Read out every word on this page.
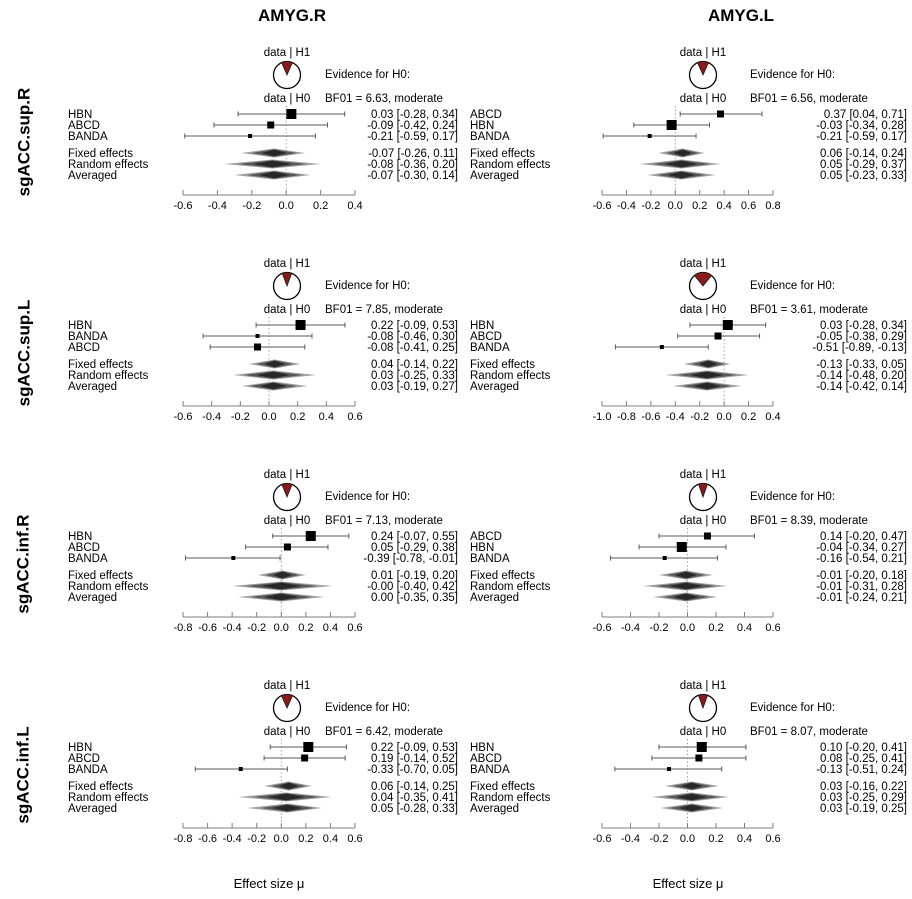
AMYG.R	AMYG.L
sgACC.sup.R
sgACC.sup.L
sgACC.inf.R
sgACC.inf.L
-0.6 -0.4 -0.2 0.0 0.2 0.4
HBN	0.03 [-0.28, 0.34]
ABCD	-0.09 [-0.42, 0.24]
BANDA	-0.21 [-0.59, 0.17]
Fixed effects	-0.07 [-0.26, 0.11]
Random effects	-0.08 [-0.36, 0.20]
Averaged	-0.07 [-0.30, 0.14]
data | H1
data | H0
Evidence for H0:
BF01 = 6.63, moderate
-0.6 -0.4 -0.2 0.0 0.2 0.4 0.6 0.8
ABCD	0.37 [0.04, 0.71]
HBN	-0.03 [-0.34, 0.28]
BANDA	-0.21 [-0.59, 0.17]
Fixed effects	0.06 [-0.14, 0.24]
Random effects	0.05 [-0.29, 0.37]
Averaged	0.05 [-0.23, 0.33]
data | H1
data | H0
Evidence for H0:
BF01 = 6.56, moderate
-0.6 -0.4 -0.2 0.0 0.2 0.4 0.6
HBN	0.22 [-0.09, 0.53]
BANDA	-0.08 [-0.46, 0.30]
ABCD	-0.08 [-0.41, 0.25]
Fixed effects	0.04 [-0.14, 0.22]
Random effects	0.03 [-0.25, 0.33]
Averaged	0.03 [-0.19, 0.27]
data | H1
data | H0
Evidence for H0:
BF01 = 7.85, moderate
-1.0 -0.8 -0.6 -0.4 -0.2 0.0 0.2 0.4
HBN	0.03 [-0.28, 0.34]
ABCD	-0.05 [-0.38, 0.29]
BANDA	-0.51 [-0.89, -0.13]
Fixed effects	-0.13 [-0.33, 0.05]
Random effects	-0.14 [-0.48, 0.20]
Averaged	-0.14 [-0.42, 0.14]
data | H1
data | H0
Evidence for H0:
BF01 = 3.61, moderate
-0.8 -0.6 -0.4 -0.2 0.0 0.2 0.4 0.6
HBN	0.24 [-0.07, 0.55]
ABCD	0.05 [-0.29, 0.38]
BANDA	-0.39 [-0.78, -0.01]
Fixed effects	0.01 [-0.19, 0.20]
Random effects	-0.00 [-0.40, 0.42]
Averaged	0.00 [-0.35, 0.35]
data | H1
data | H0
Evidence for H0:
BF01 = 7.13, moderate
-0.6 -0.4 -0.2 0.0 0.2 0.4 0.6
ABCD	0.14 [-0.20, 0.47]
HBN	-0.04 [-0.34, 0.27]
BANDA	-0.16 [-0.54, 0.21]
Fixed effects	-0.01 [-0.20, 0.18]
Random effects	-0.01 [-0.31, 0.28]
Averaged	-0.01 [-0.24, 0.21]
data | H1
data | H0
Evidence for H0:
BF01 = 8.39, moderate
-0.8 -0.6 -0.4 -0.2 0.0 0.2 0.4 0.6
HBN	0.22 [-0.09, 0.53]
ABCD	0.19 [-0.14, 0.52]
BANDA	-0.33 [-0.70, 0.05]
Fixed effects	0.06 [-0.14, 0.25]
Random effects	0.04 [-0.35, 0.41]
Averaged	0.05 [-0.28, 0.33]
data | H1
data | H0
Evidence for H0:
BF01 = 6.42, moderate
-0.6 -0.4 -0.2 0.0 0.2 0.4 0.6
HBN	0.10 [-0.20, 0.41]
ABCD	0.08 [-0.25, 0.41]
BANDA	-0.13 [-0.51, 0.24]
Fixed effects	0.03 [-0.16, 0.22]
Random effects	0.03 [-0.25, 0.29]
Averaged	0.03 [-0.19, 0.25]
data | H1
data | H0
Evidence for H0:
BF01 = 8.07, moderate
Effect size μ	Effect size μ
